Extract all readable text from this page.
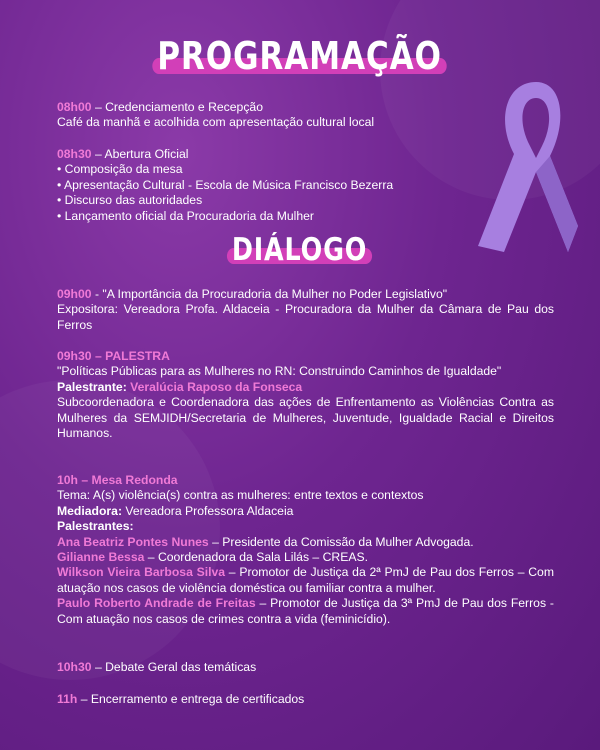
PROGRAMAÇÃO

08h00 – Credenciamento e Recepção

Café da manhã e acolhida com apresentação cultural local

08h30 – Abertura Oficial

• Composição da mesa

• Apresentação Cultural - Escola de Música Francisco Bezerra

• Discurso das autoridades

• Lançamento oficial da Procuradoria da Mulher

DIÁLOGO

09h00 - "A Importância da Procuradoria da Mulher no Poder Legislativo"

Expositora: Vereadora Profa. Aldaceia - Procuradora da Mulher da Câmara de Pau dos Ferros

09h30 – PALESTRA

"Políticas Públicas para as Mulheres no RN: Construindo Caminhos de Igualdade"

Palestrante: Veralúcia Raposo da Fonseca

Subcoordenadora e Coordenadora das ações de Enfrentamento as Violências Contra as Mulheres da SEMJIDH/Secretaria de Mulheres, Juventude, Igualdade Racial e Direitos Humanos.

10h – Mesa Redonda

Tema: A(s) violência(s) contra as mulheres: entre textos e contextos

Mediadora: Vereadora Professora Aldaceia

Palestrantes:

Ana Beatriz Pontes Nunes – Presidente da Comissão da Mulher Advogada.

Gilianne Bessa – Coordenadora da Sala Lilás – CREAS.

Wilkson Vieira Barbosa Silva – Promotor de Justiça da 2ª PmJ de Pau dos Ferros – Com atuação nos casos de violência doméstica ou familiar contra a mulher.

Paulo Roberto Andrade de Freitas – Promotor de Justiça da 3ª PmJ de Pau dos Ferros - Com atuação nos casos de crimes contra a vida (feminicídio).

10h30 – Debate Geral das temáticas

11h – Encerramento e entrega de certificados
